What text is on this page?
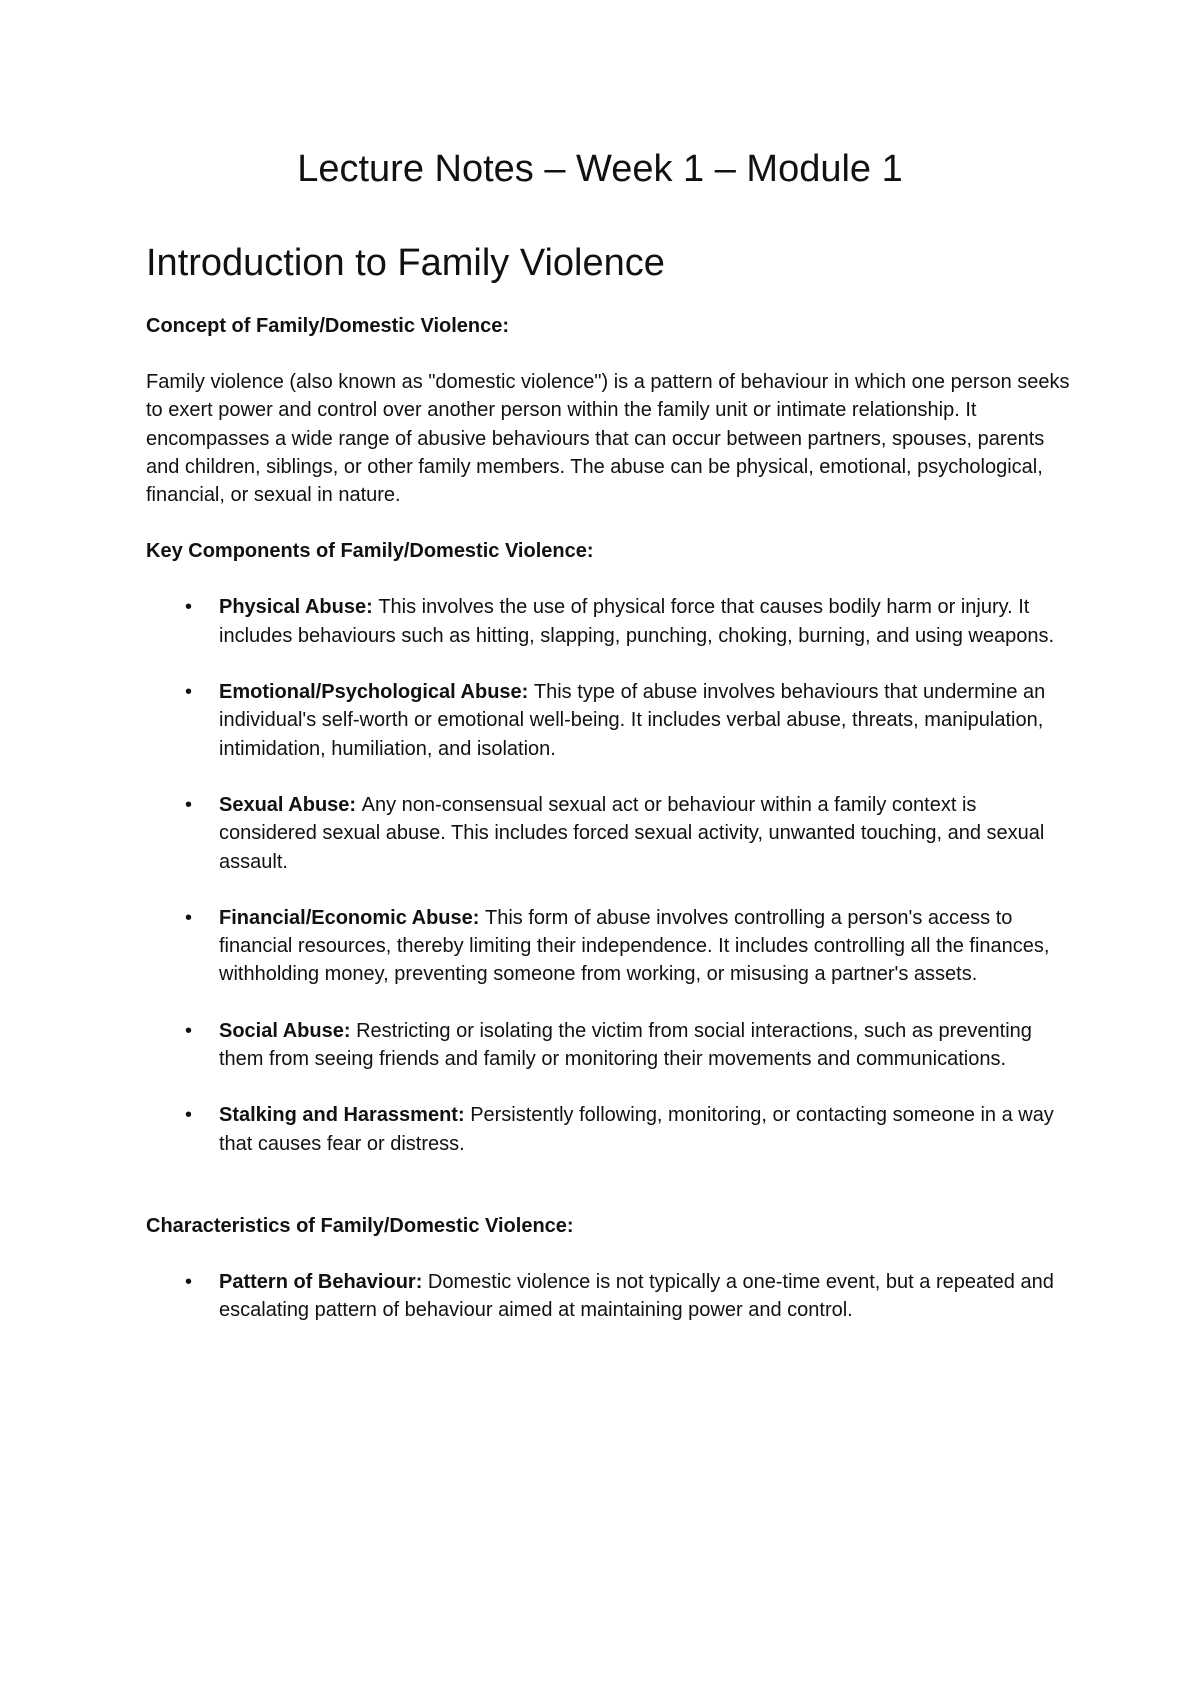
Lecture Notes – Week 1 – Module 1
Introduction to Family Violence

Concept of Family/Domestic Violence:

Family violence (also known as "domestic violence") is a pattern of behaviour in which one person seeks to exert power and control over another person within the family unit or intimate relationship. It encompasses a wide range of abusive behaviours that can occur between partners, spouses, parents and children, siblings, or other family members. The abuse can be physical, emotional, psychological, financial, or sexual in nature.

Key Components of Family/Domestic Violence:

• Physical Abuse: This involves the use of physical force that causes bodily harm or injury. It includes behaviours such as hitting, slapping, punching, choking, burning, and using weapons.
• Emotional/Psychological Abuse: This type of abuse involves behaviours that undermine an individual's self-worth or emotional well-being. It includes verbal abuse, threats, manipulation, intimidation, humiliation, and isolation.
• Sexual Abuse: Any non-consensual sexual act or behaviour within a family context is considered sexual abuse. This includes forced sexual activity, unwanted touching, and sexual assault.
• Financial/Economic Abuse: This form of abuse involves controlling a person's access to financial resources, thereby limiting their independence. It includes controlling all the finances, withholding money, preventing someone from working, or misusing a partner's assets.
• Social Abuse: Restricting or isolating the victim from social interactions, such as preventing them from seeing friends and family or monitoring their movements and communications.
• Stalking and Harassment: Persistently following, monitoring, or contacting someone in a way that causes fear or distress.

Characteristics of Family/Domestic Violence:

• Pattern of Behaviour: Domestic violence is not typically a one-time event, but a repeated and escalating pattern of behaviour aimed at maintaining power and control.
